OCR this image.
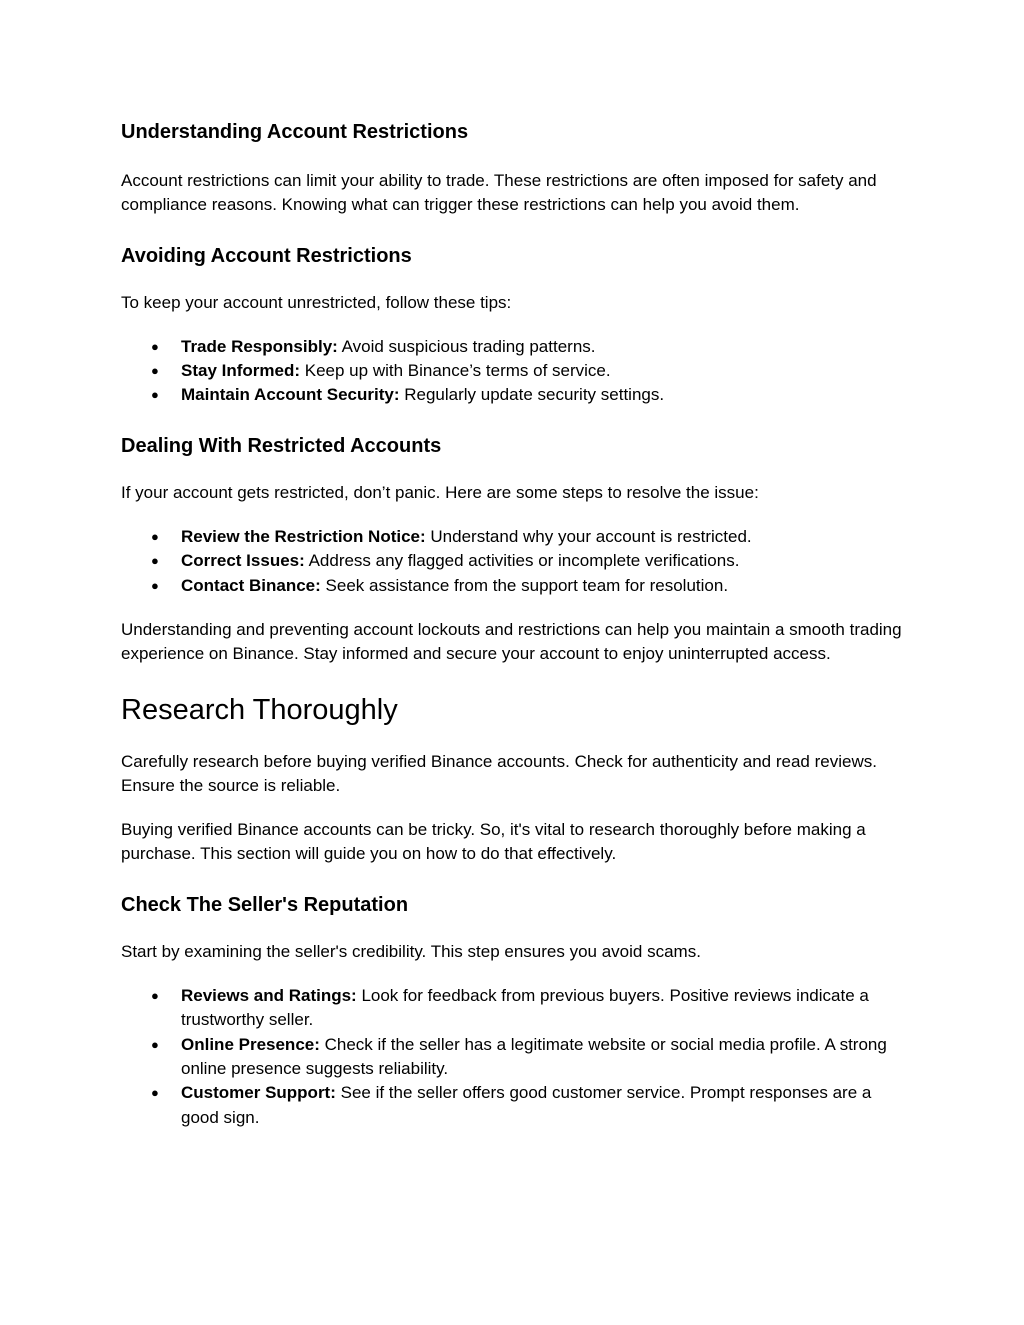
Understanding Account Restrictions

Account restrictions can limit your ability to trade. These restrictions are often imposed for safety and compliance reasons. Knowing what can trigger these restrictions can help you avoid them.

Avoiding Account Restrictions

To keep your account unrestricted, follow these tips:

● Trade Responsibly: Avoid suspicious trading patterns.
● Stay Informed: Keep up with Binance’s terms of service.
● Maintain Account Security: Regularly update security settings.
Dealing With Restricted Accounts

If your account gets restricted, don’t panic. Here are some steps to resolve the issue:

● Review the Restriction Notice: Understand why your account is restricted.
● Correct Issues: Address any flagged activities or incomplete verifications.
● Contact Binance: Seek assistance from the support team for resolution.

Understanding and preventing account lockouts and restrictions can help you maintain a smooth trading experience on Binance. Stay informed and secure your account to enjoy uninterrupted access.

Research Thoroughly

Carefully research before buying verified Binance accounts. Check for authenticity and read reviews. Ensure the source is reliable.

Buying verified Binance accounts can be tricky. So, it's vital to research thoroughly before making a purchase. This section will guide you on how to do that effectively.

Check The Seller's Reputation

Start by examining the seller's credibility. This step ensures you avoid scams.

● Reviews and Ratings: Look for feedback from previous buyers. Positive reviews indicate a trustworthy seller.
● Online Presence: Check if the seller has a legitimate website or social media profile. A strong online presence suggests reliability.
● Customer Support: See if the seller offers good customer service. Prompt responses are a good sign.
